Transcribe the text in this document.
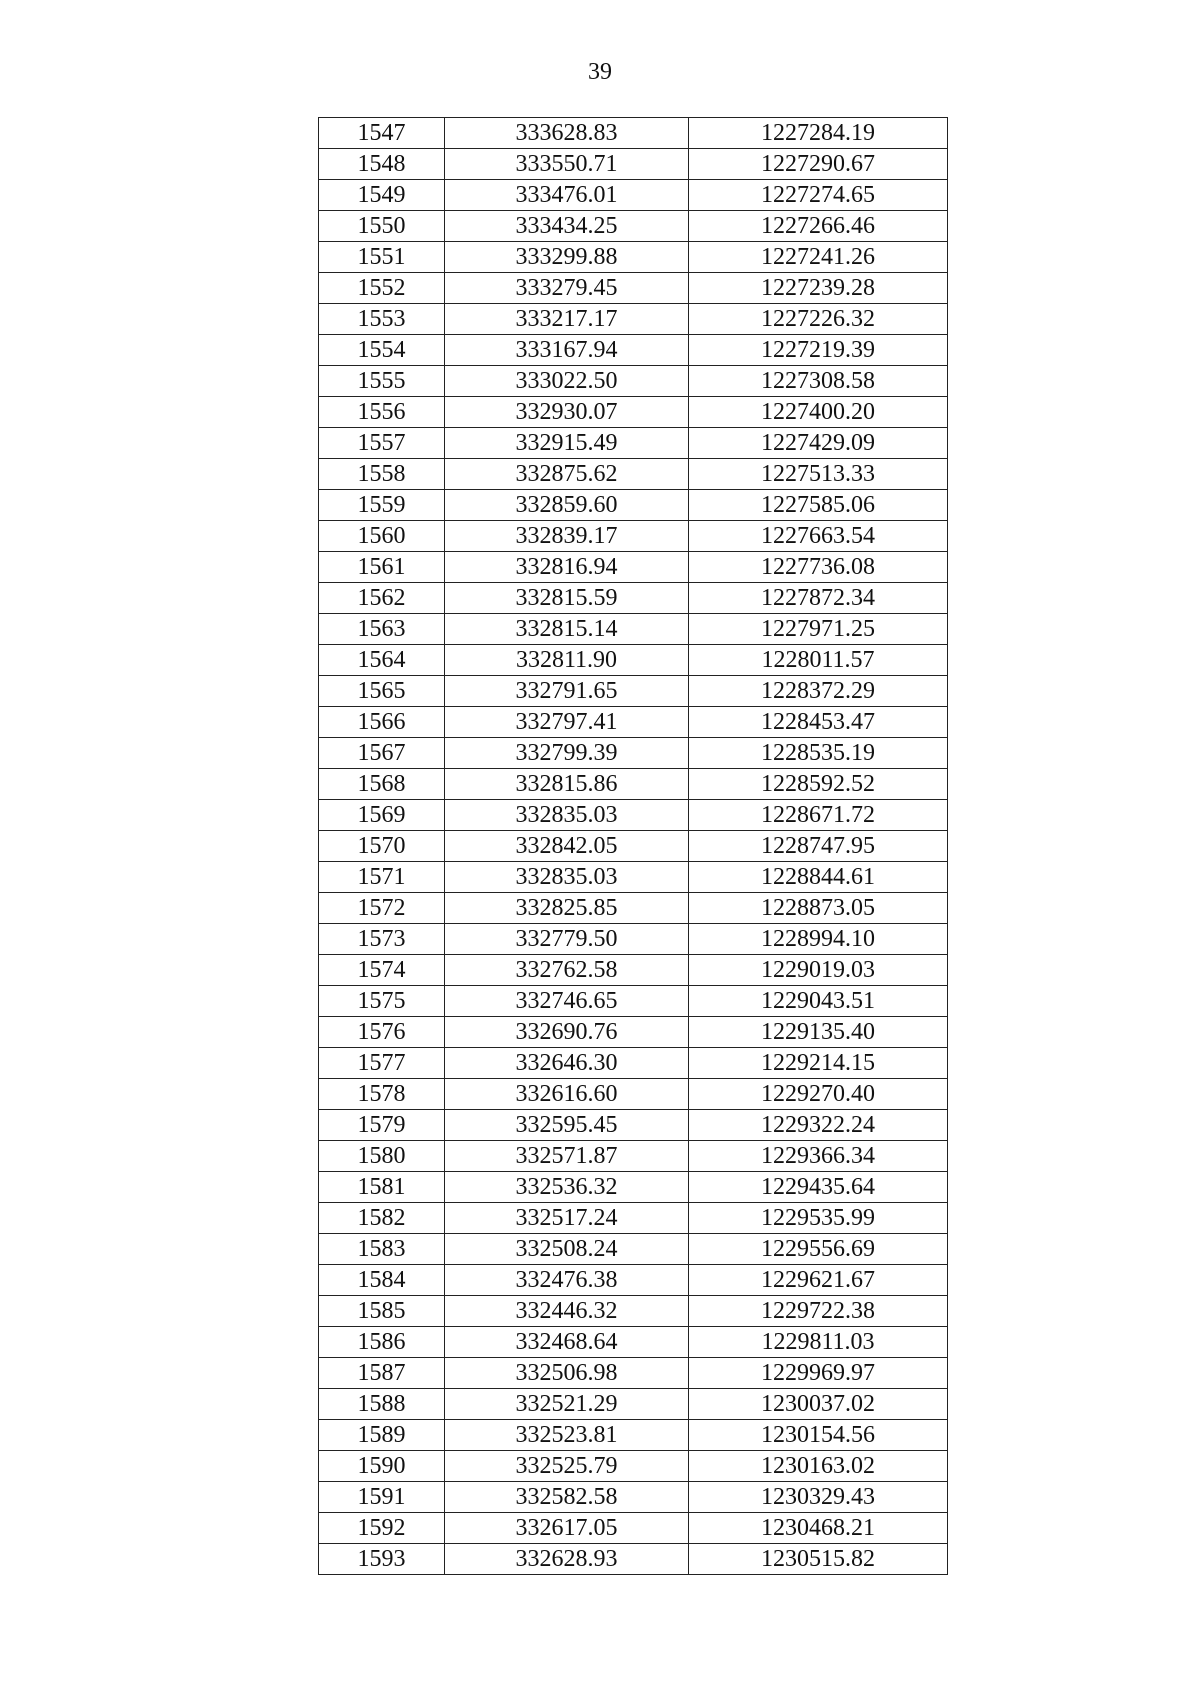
39
1547	333628.83	1227284.19
1548	333550.71	1227290.67
1549	333476.01	1227274.65
1550	333434.25	1227266.46
1551	333299.88	1227241.26
1552	333279.45	1227239.28
1553	333217.17	1227226.32
1554	333167.94	1227219.39
1555	333022.50	1227308.58
1556	332930.07	1227400.20
1557	332915.49	1227429.09
1558	332875.62	1227513.33
1559	332859.60	1227585.06
1560	332839.17	1227663.54
1561	332816.94	1227736.08
1562	332815.59	1227872.34
1563	332815.14	1227971.25
1564	332811.90	1228011.57
1565	332791.65	1228372.29
1566	332797.41	1228453.47
1567	332799.39	1228535.19
1568	332815.86	1228592.52
1569	332835.03	1228671.72
1570	332842.05	1228747.95
1571	332835.03	1228844.61
1572	332825.85	1228873.05
1573	332779.50	1228994.10
1574	332762.58	1229019.03
1575	332746.65	1229043.51
1576	332690.76	1229135.40
1577	332646.30	1229214.15
1578	332616.60	1229270.40
1579	332595.45	1229322.24
1580	332571.87	1229366.34
1581	332536.32	1229435.64
1582	332517.24	1229535.99
1583	332508.24	1229556.69
1584	332476.38	1229621.67
1585	332446.32	1229722.38
1586	332468.64	1229811.03
1587	332506.98	1229969.97
1588	332521.29	1230037.02
1589	332523.81	1230154.56
1590	332525.79	1230163.02
1591	332582.58	1230329.43
1592	332617.05	1230468.21
1593	332628.93	1230515.82
